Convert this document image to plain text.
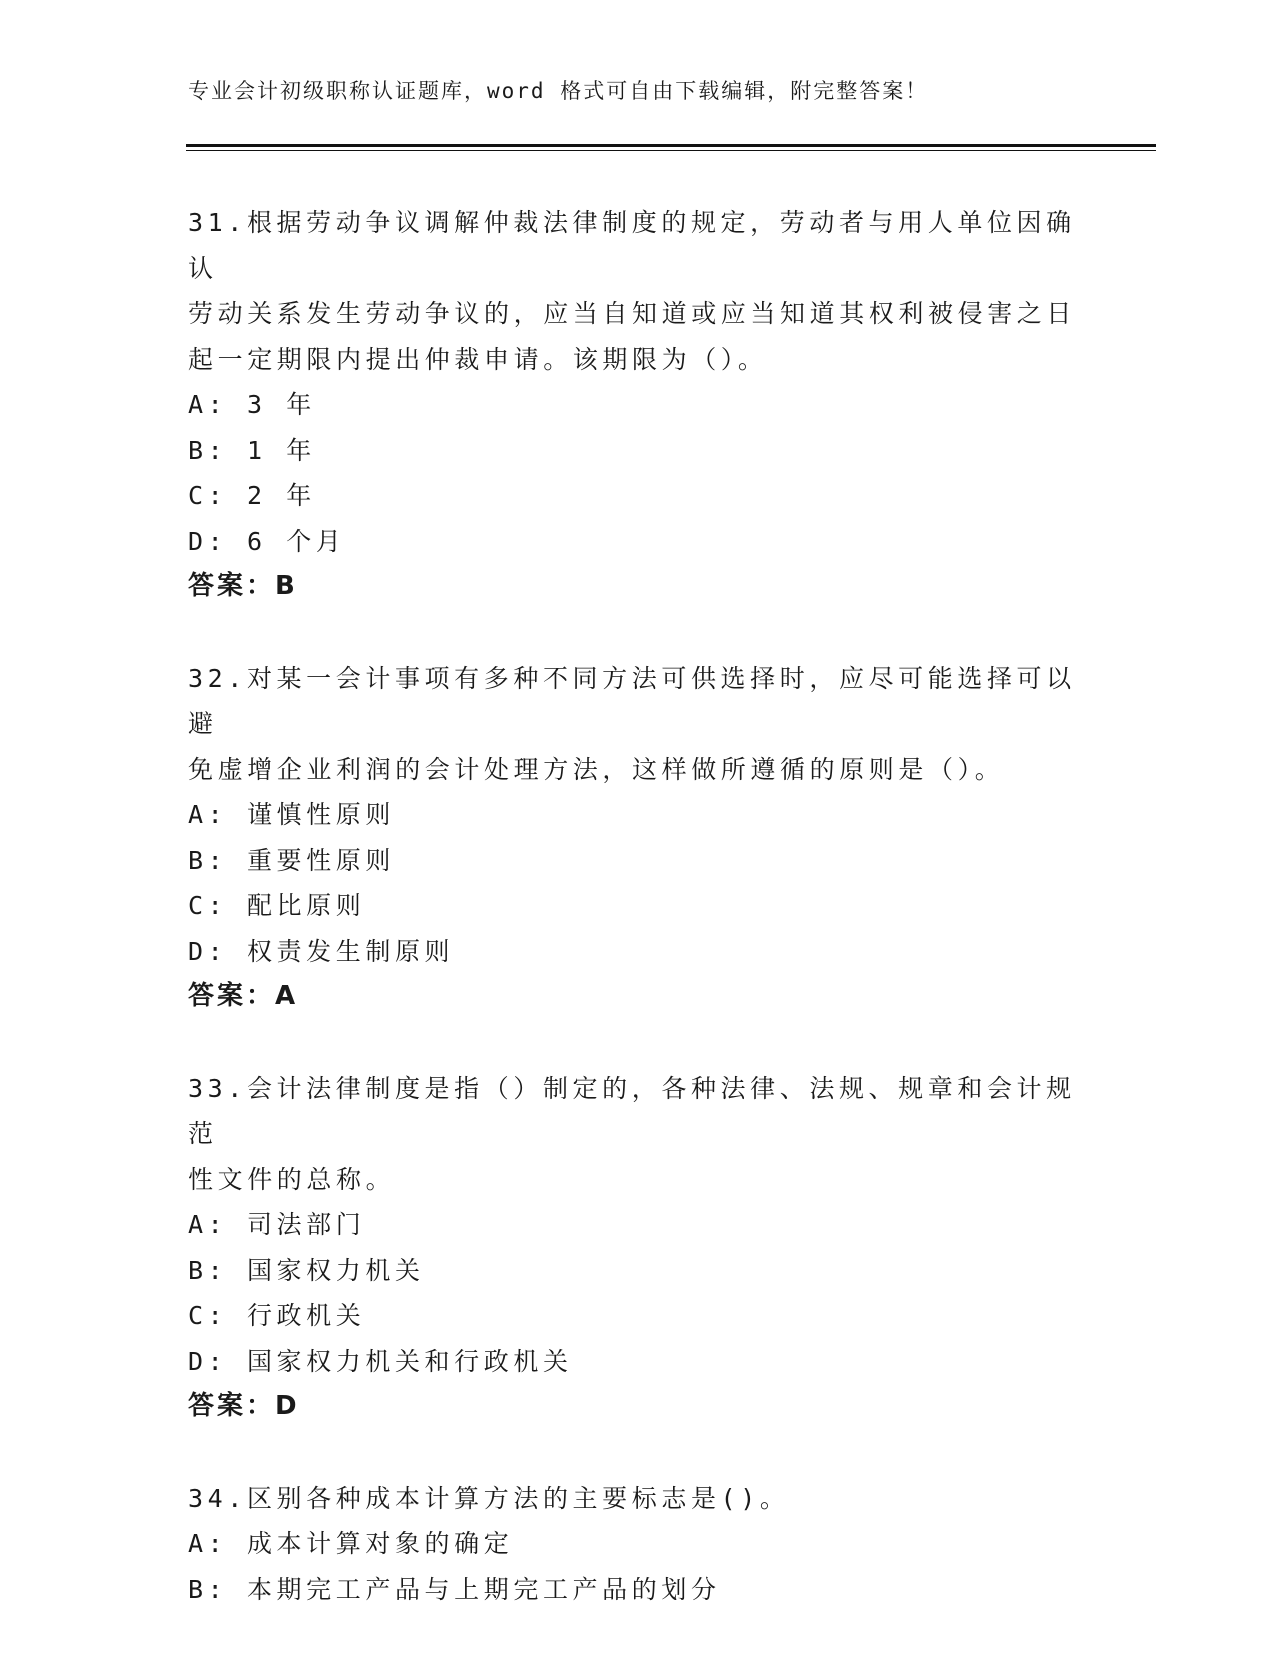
专业会计初级职称认证题库，word 格式可自由下载编辑，附完整答案！

31.根据劳动争议调解仲裁法律制度的规定，劳动者与用人单位因确认
劳动关系发生劳动争议的，应当自知道或应当知道其权利被侵害之日
起一定期限内提出仲裁申请。该期限为（）。

A: 3 年
B: 1 年
C: 2 年
D: 6 个月
答案：B

32.对某一会计事项有多种不同方法可供选择时，应尽可能选择可以避
免虚增企业利润的会计处理方法，这样做所遵循的原则是（）。

A: 谨慎性原则
B: 重要性原则
C: 配比原则
D: 权责发生制原则
答案：A

33.会计法律制度是指（）制定的，各种法律、法规、规章和会计规范
性文件的总称。

A: 司法部门
B: 国家权力机关
C: 行政机关
D: 国家权力机关和行政机关
答案：D

34.区别各种成本计算方法的主要标志是()。

A: 成本计算对象的确定
B: 本期完工产品与上期完工产品的划分
